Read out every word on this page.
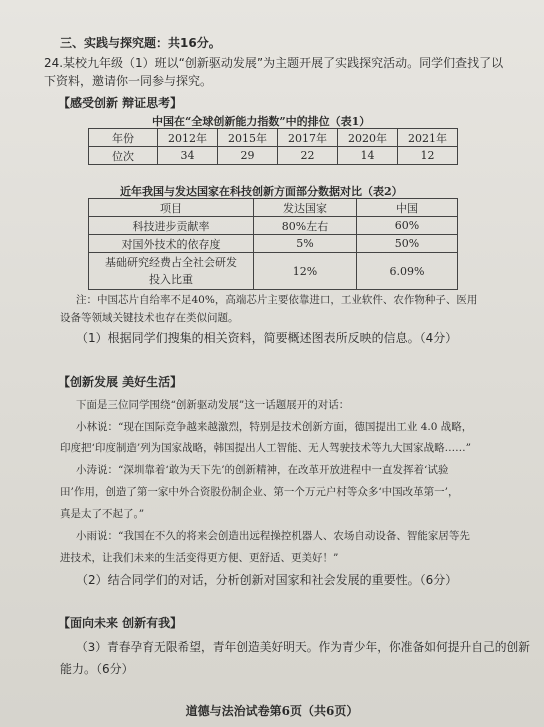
三、实践与探究题：共16分。
24. 某校九年级（1）班以“创新驱动发展”为主题开展了实践探究活动。同学们查找了以
下资料，邀请你一同参与探究。
【感受创新 辩证思考】
中国在“全球创新能力指数”中的排位（表1）
年份	2012年	2015年	2017年	2020年	2021年
位次	34	29	22	14	12
近年我国与发达国家在科技创新方面部分数据对比（表2）
项目	发达国家	中国
科技进步贡献率	80%左右	60%
对国外技术的依存度	5%	50%

基础研究经费占全社会研发
投入比重	12%	6.09%
注：中国芯片自给率不足40%，高端芯片主要依靠进口，工业软件、农作物种子、医用
设备等领域关键技术也存在类似问题。
（1）根据同学们搜集的相关资料，简要概述图表所反映的信息。（4分）
【创新发展 美好生活】
下面是三位同学围绕“创新驱动发展”这一话题展开的对话：
小林说：“现在国际竞争越来越激烈，特别是技术创新方面，德国提出工业 4.0 战略，
印度把‘印度制造’列为国家战略，韩国提出人工智能、无人驾驶技术等九大国家战略……”
小涛说：“深圳靠着‘敢为天下先’的创新精神，在改革开放进程中一直发挥着‘试验
田’作用，创造了第一家中外合资股份制企业、第一个万元户村等众多‘中国改革第一’，
真是太了不起了。”
小雨说：“我国在不久的将来会创造出远程操控机器人、农场自动设备、智能家居等先
进技术，让我们未来的生活变得更方便、更舒适、更美好！”
（2）结合同学们的对话，分析创新对国家和社会发展的重要性。（6分）
【面向未来 创新有我】
（3）青春孕育无限希望，青年创造美好明天。作为青少年，你准备如何提升自己的创新
能力。（6分）
道德与法治试卷第6页（共6页）
